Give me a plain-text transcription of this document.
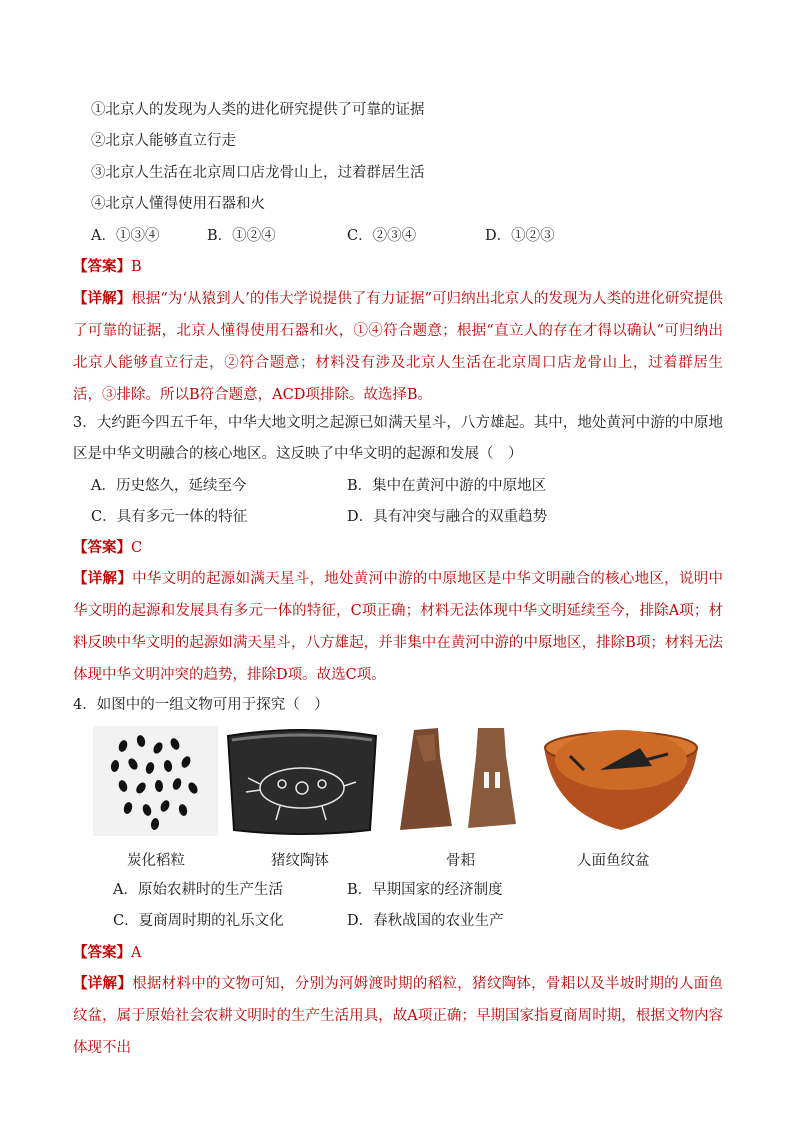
①北京人的发现为人类的进化研究提供了可靠的证据
②北京人能够直立行走
③北京人生活在北京周口店龙骨山上，过着群居生活
④北京人懂得使用石器和火
A．①③④	B．①②④	C．②③④	D．①②③
【答案】B
【详解】根据“为‘从猿到人’的伟大学说提供了有力证据”可归纳出北京人的发现为人类的进化研究提供了可靠的证据，北京人懂得使用石器和火，①④符合题意；根据“直立人的存在才得以确认”可归纳出北京人能够直立行走，②符合题意；材料没有涉及北京人生活在北京周口店龙骨山上，过着群居生活，③排除。所以B符合题意，ACD项排除。故选择B。
3．大约距今四五千年，中华大地文明之起源已如满天星斗，八方雄起。其中，地处黄河中游的中原地区是中华文明融合的核心地区。这反映了中华文明的起源和发展（　）
A．历史悠久，延续至今	B．集中在黄河中游的中原地区
C．具有多元一体的特征	D．具有冲突与融合的双重趋势
【答案】C
【详解】中华文明的起源如满天星斗，地处黄河中游的中原地区是中华文明融合的核心地区，说明中华文明的起源和发展具有多元一体的特征，C项正确；材料无法体现中华文明延续至今，排除A项；材料反映中华文明的起源如满天星斗，八方雄起，并非集中在黄河中游的中原地区，排除B项；材料无法体现中华文明冲突的趋势，排除D项。故选C项。
4．如图中的一组文物可用于探究（　）
炭化稻粒	猪纹陶钵	骨耜	人面鱼纹盆
A．原始农耕时的生产生活	B．早期国家的经济制度
C．夏商周时期的礼乐文化	D．春秋战国的农业生产
【答案】A
【详解】根据材料中的文物可知，分别为河姆渡时期的稻粒，猪纹陶钵，骨耜以及半坡时期的人面鱼纹盆，属于原始社会农耕文明时的生产生活用具，故A项正确；早期国家指夏商周时期，根据文物内容体现不出
